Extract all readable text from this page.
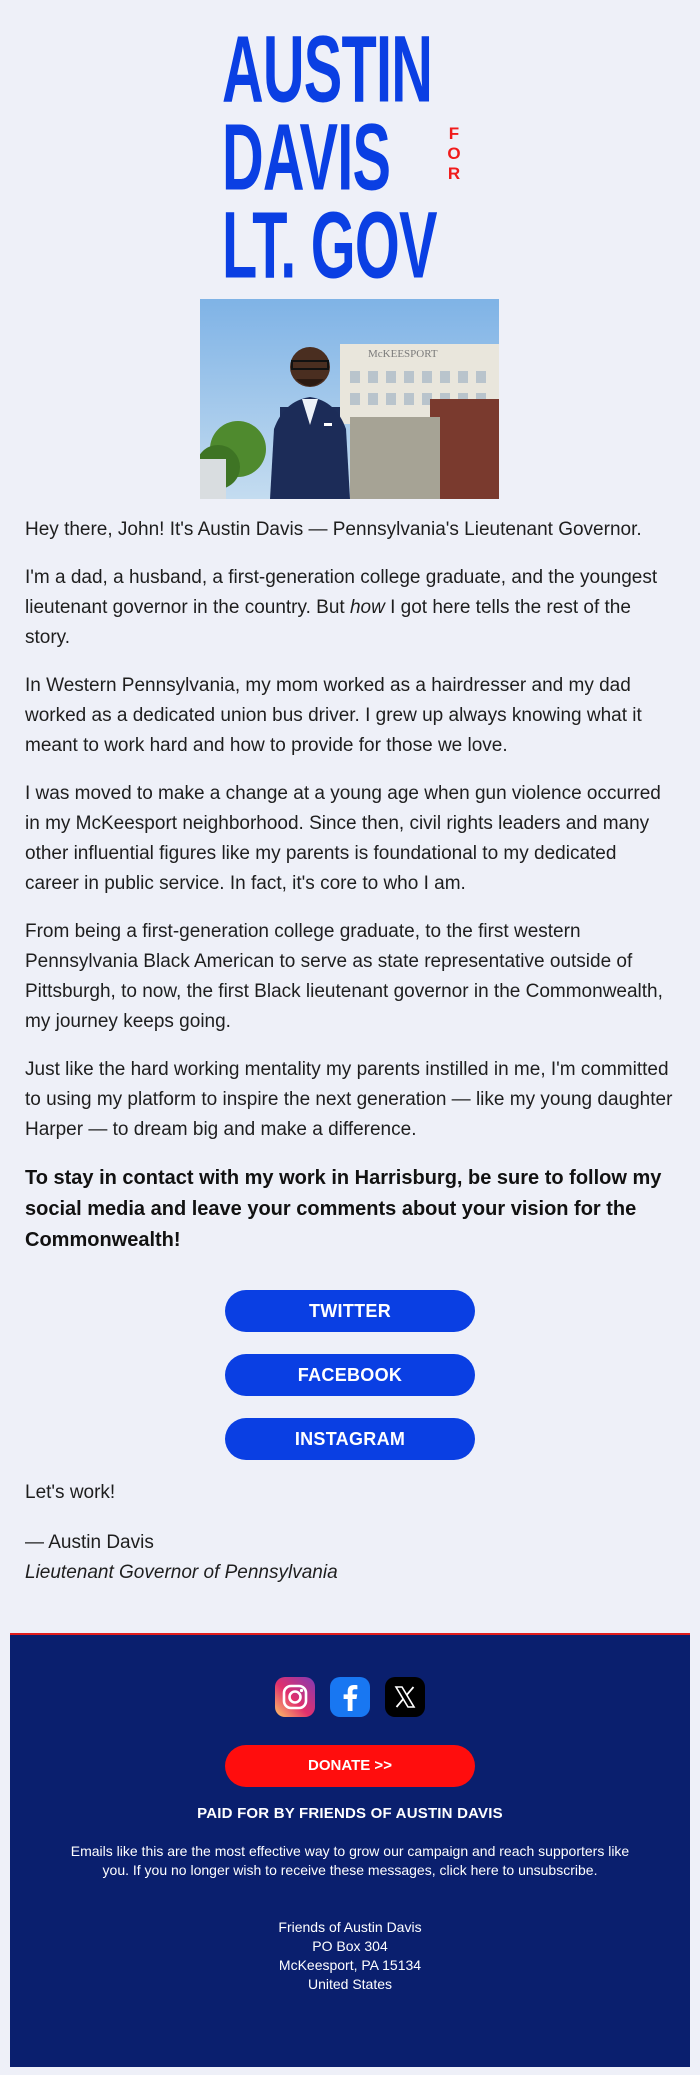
AUSTIN
DAVIS	F
O
R
LT. GOV
McKEESPORT

Hey there, John! It's Austin Davis — Pennsylvania's Lieutenant Governor.

I'm a dad, a husband, a first-generation college graduate, and the youngest lieutenant governor in the country. But how I got here tells the rest of the story.

In Western Pennsylvania, my mom worked as a hairdresser and my dad worked as a dedicated union bus driver. I grew up always knowing what it meant to work hard and how to provide for those we love.

I was moved to make a change at a young age when gun violence occurred in my McKeesport neighborhood. Since then, civil rights leaders and many other influential figures like my parents is foundational to my dedicated career in public service. In fact, it's core to who I am.

From being a first-generation college graduate, to the first western Pennsylvania Black American to serve as state representative outside of Pittsburgh, to now, the first Black lieutenant governor in the Commonwealth, my journey keeps going.

Just like the hard working mentality my parents instilled in me, I'm committed to using my platform to inspire the next generation — like my young daughter Harper — to dream big and make a difference.

To stay in contact with my work in Harrisburg, be sure to follow my social media and leave your comments about your vision for the Commonwealth!

TWITTER
FACEBOOK
INSTAGRAM
Let's work!
— Austin Davis
Lieutenant Governor of Pennsylvania
DONATE >>
PAID FOR BY FRIENDS OF AUSTIN DAVIS
Emails like this are the most effective way to grow our campaign and reach supporters like you. If you no longer wish to receive these messages, click here to unsubscribe.
Friends of Austin Davis
PO Box 304
McKeesport, PA 15134
United States
